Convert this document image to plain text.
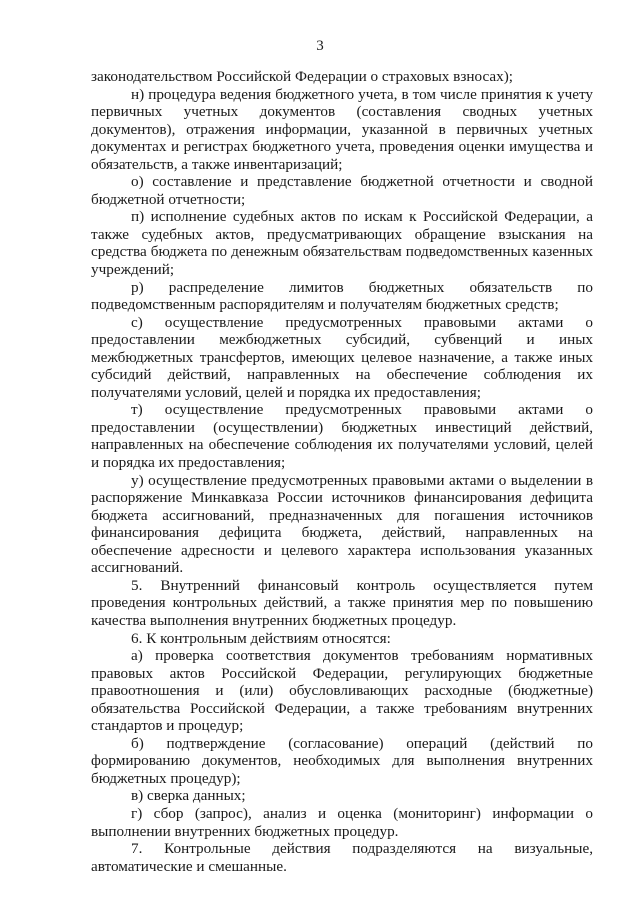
3

законодательством Российской Федерации о страховых взносах);

н) процедура ведения бюджетного учета, в том числе принятия к учету первичных учетных документов (составления сводных учетных документов), отражения информации, указанной в первичных учетных документах и регистрах бюджетного учета, проведения оценки имущества и обязательств, а также инвентаризаций;

о) составление и представление бюджетной отчетности и сводной бюджетной отчетности;

п) исполнение судебных актов по искам к Российской Федерации, а также судебных актов, предусматривающих обращение взыскания на средства бюджета по денежным обязательствам подведомственных казенных учреждений;

р) распределение лимитов бюджетных обязательств по подведомственным распорядителям и получателям бюджетных средств;

с) осуществление предусмотренных правовыми актами о предоставлении межбюджетных субсидий, субвенций и иных межбюджетных трансфертов, имеющих целевое назначение, а также иных субсидий действий, направленных на обеспечение соблюдения их получателями условий, целей и порядка их предоставления;

т) осуществление предусмотренных правовыми актами о предоставлении (осуществлении) бюджетных инвестиций действий, направленных на обеспечение соблюдения их получателями условий, целей и порядка их предоставления;

у) осуществление предусмотренных правовыми актами о выделении в распоряжение Минкавказа России источников финансирования дефицита бюджета ассигнований, предназначенных для погашения источников финансирования дефицита бюджета, действий, направленных на обеспечение адресности и целевого характера использования указанных ассигнований.

5. Внутренний финансовый контроль осуществляется путем проведения контрольных действий, а также принятия мер по повышению качества выполнения внутренних бюджетных процедур.

6. К контрольным действиям относятся:

а) проверка соответствия документов требованиям нормативных правовых актов Российской Федерации, регулирующих бюджетные правоотношения и (или) обусловливающих расходные (бюджетные) обязательства Российской Федерации, а также требованиям внутренних стандартов и процедур;

б) подтверждение (согласование) операций (действий по формированию документов, необходимых для выполнения внутренних бюджетных процедур);

в) сверка данных;

г) сбор (запрос), анализ и оценка (мониторинг) информации о выполнении внутренних бюджетных процедур.

7. Контрольные действия подразделяются на визуальные, автоматические и смешанные.
